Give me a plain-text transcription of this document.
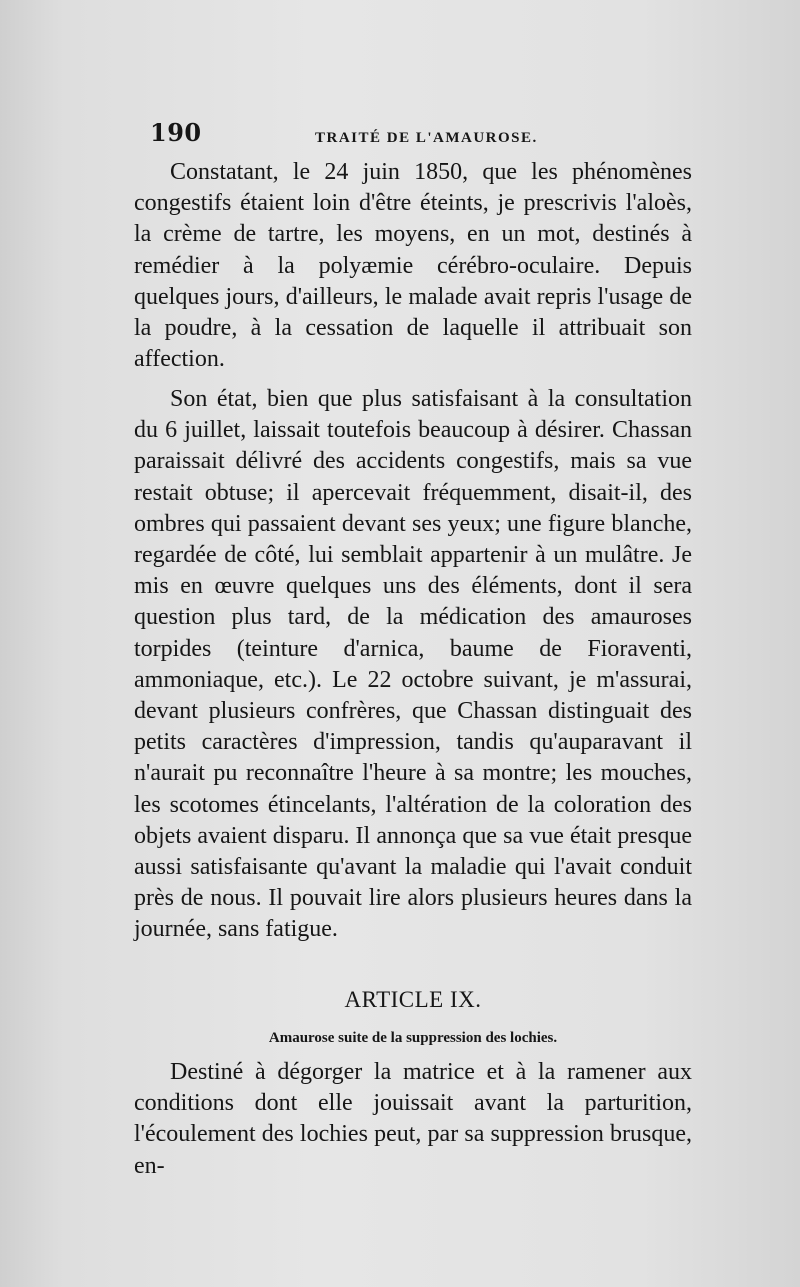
190	TRAITÉ DE L'AMAUROSE.

Constatant, le 24 juin 1850, que les phénomènes congestifs étaient loin d'être éteints, je prescrivis l'aloès, la crème de tartre, les moyens, en un mot, destinés à remédier à la polyæmie cérébro-oculaire. Depuis quelques jours, d'ailleurs, le malade avait repris l'usage de la poudre, à la cessation de laquelle il attribuait son affection.

Son état, bien que plus satisfaisant à la consultation du 6 juillet, laissait toutefois beaucoup à désirer. Chassan paraissait délivré des accidents congestifs, mais sa vue restait obtuse; il apercevait fréquemment, disait-il, des ombres qui passaient devant ses yeux; une figure blanche, regardée de côté, lui semblait appartenir à un mulâtre. Je mis en œuvre quelques uns des éléments, dont il sera question plus tard, de la médication des amauroses torpides (teinture d'arnica, baume de Fioraventi, ammoniaque, etc.). Le 22 octobre suivant, je m'assurai, devant plusieurs confrères, que Chassan distinguait des petits caractères d'impression, tandis qu'auparavant il n'aurait pu reconnaître l'heure à sa montre; les mouches, les scotomes étincelants, l'altération de la coloration des objets avaient disparu. Il annonça que sa vue était presque aussi satisfaisante qu'avant la maladie qui l'avait conduit près de nous. Il pouvait lire alors plusieurs heures dans la journée, sans fatigue.

ARTICLE IX.
Amaurose suite de la suppression des lochies.

Destiné à dégorger la matrice et à la ramener aux conditions dont elle jouissait avant la parturition, l'écoulement des lochies peut, par sa suppression brusque, en-
